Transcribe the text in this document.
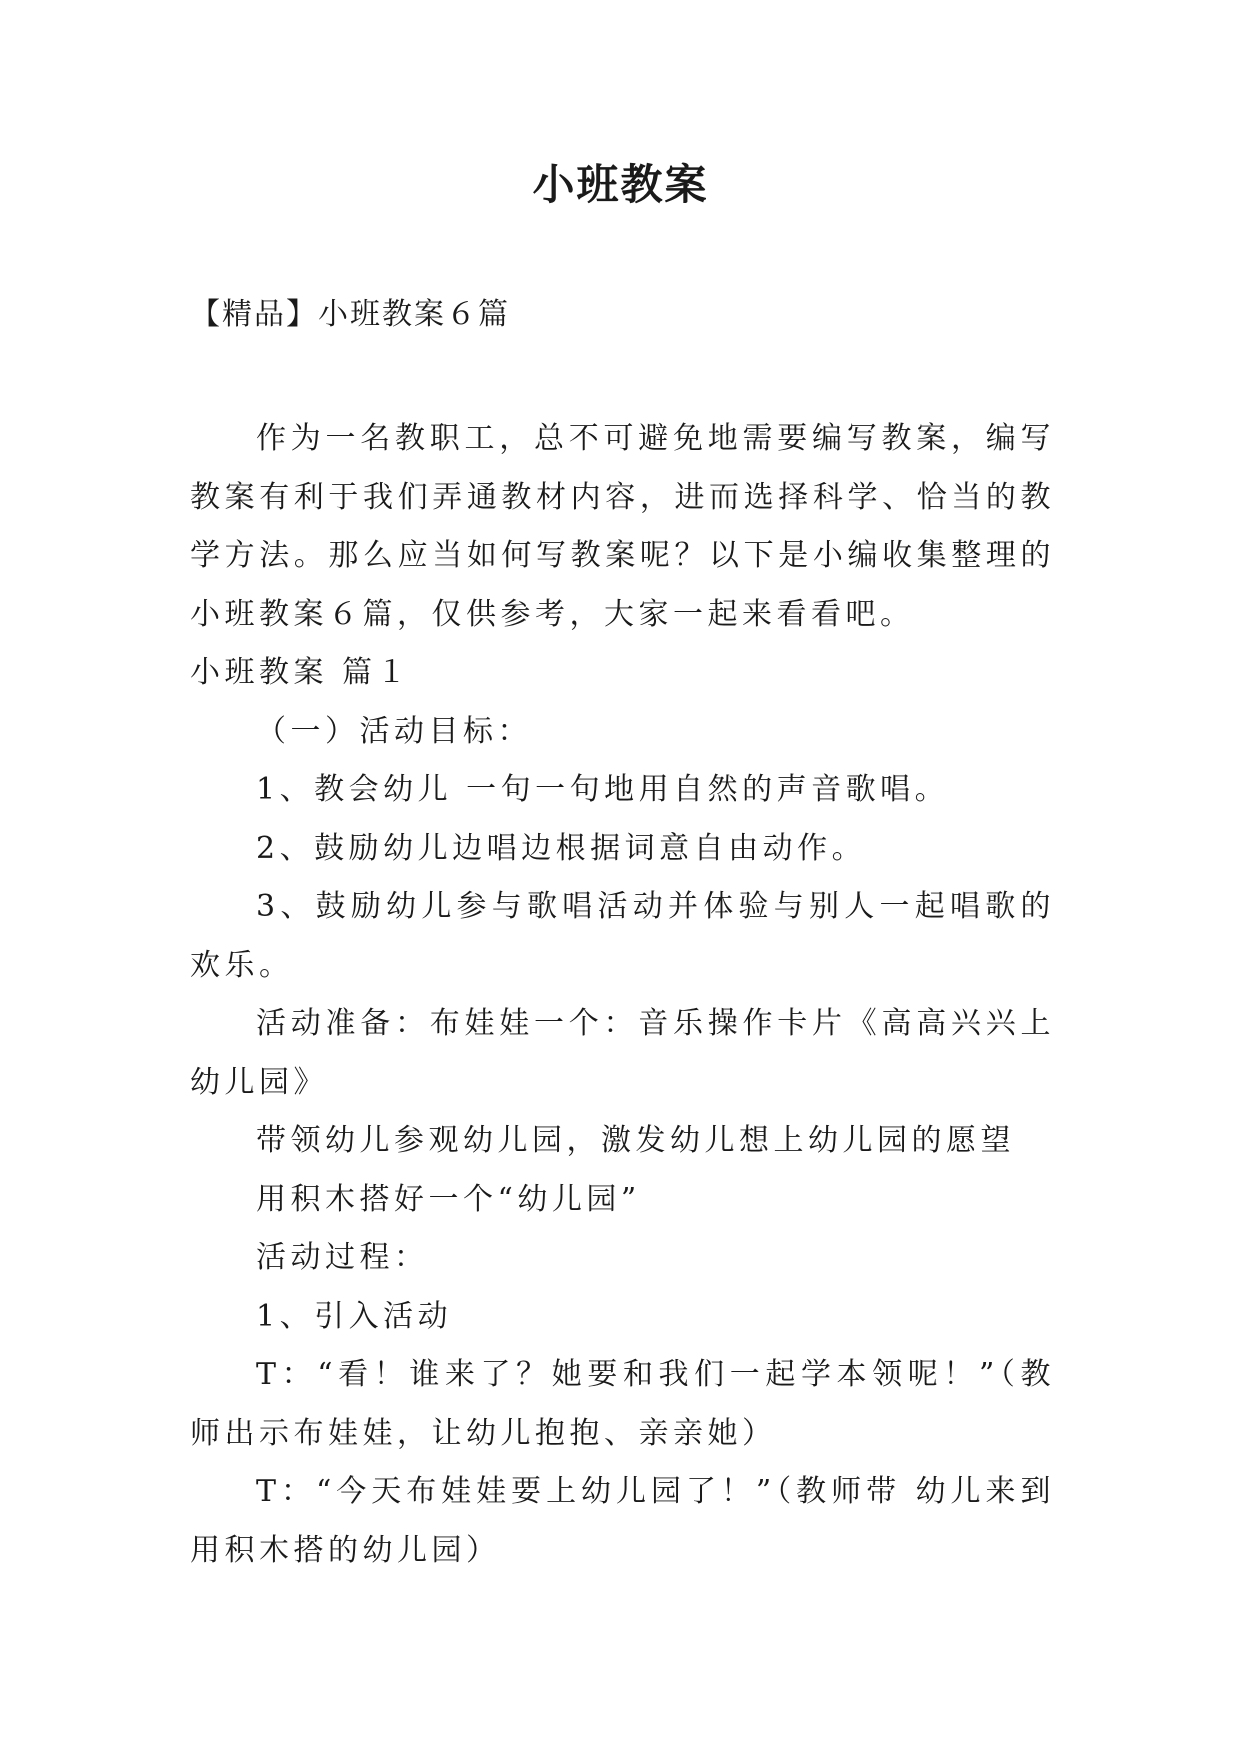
小班教案
【精品】小班教案６篇

作为一名教职工，总不可避免地需要编写教案，编写教案有利于我们弄通教材内容，进而选择科学、恰当的教学方法。那么应当如何写教案呢？以下是小编收集整理的小班教案６篇，仅供参考，大家一起来看看吧。

小班教案 篇１

（一）活动目标：

1、教会幼儿 一句一句地用自然的声音歌唱。

2、鼓励幼儿边唱边根据词意自由动作。

3、鼓励幼儿参与歌唱活动并体验与别人一起唱歌的欢乐。

活动准备：布娃娃一个：音乐操作卡片《高高兴兴上幼儿园》

带领幼儿参观幼儿园，激发幼儿想上幼儿园的愿望

用积木搭好一个“幼儿园”

活动过程：

1、引入活动

T：“看！谁来了？她要和我们一起学本领呢！”（教师出示布娃娃，让幼儿抱抱、亲亲她）

T：“今天布娃娃要上幼儿园了！”（教师带 幼儿来到用积木搭的幼儿园）
